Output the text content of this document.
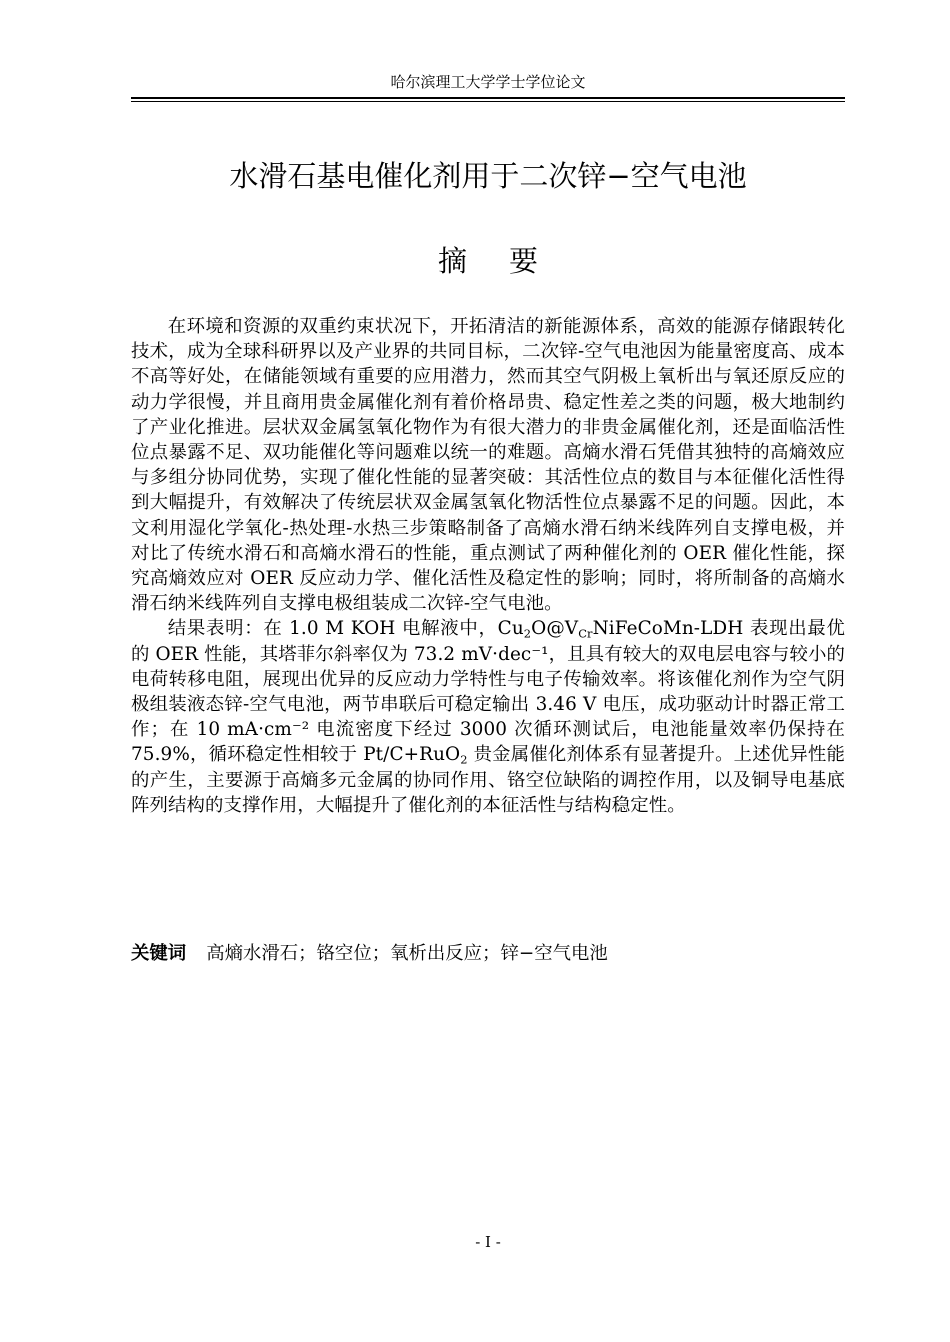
哈尔滨理工大学学士学位论文
水滑石基电催化剂用于二次锌−空气电池
摘 要

在环境和资源的双重约束状况下，开拓清洁的新能源体系，高效的能源存储跟转化技术，成为全球科研界以及产业界的共同目标，二次锌-空气电池因为能量密度高、成本不高等好处，在储能领域有重要的应用潜力，然而其空气阴极上氧析出与氧还原反应的动力学很慢，并且商用贵金属催化剂有着价格昂贵、稳定性差之类的问题，极大地制约了产业化推进。层状双金属氢氧化物作为有很大潜力的非贵金属催化剂，还是面临活性位点暴露不足、双功能催化等问题难以统一的难题。高熵水滑石凭借其独特的高熵效应与多组分协同优势，实现了催化性能的显著突破：其活性位点的数目与本征催化活性得到大幅提升，有效解决了传统层状双金属氢氧化物活性位点暴露不足的问题。因此，本文利用湿化学氧化-热处理-水热三步策略制备了高熵水滑石纳米线阵列自支撑电极，并对比了传统水滑石和高熵水滑石的性能，重点测试了两种催化剂的 OER 催化性能，探究高熵效应对 OER 反应动力学、催化活性及稳定性的影响；同时，将所制备的高熵水滑石纳米线阵列自支撑电极组装成二次锌-空气电池。

结果表明：在 1.0 M KOH 电解液中，$Cu_2O@V_{Cr}NiFeCoMn$-LDH 表现出最优的 OER 性能，其塔菲尔斜率仅为 73.2 mV·dec⁻¹，且具有较大的双电层电容与较小的电荷转移电阻，展现出优异的反应动力学特性与电子传输效率。将该催化剂作为空气阴极组装液态锌-空气电池，两节串联后可稳定输出 3.46 V 电压，成功驱动计时器正常工作；在 10 mA·cm⁻² 电流密度下经过 3000 次循环测试后，电池能量效率仍保持在 75.9%，循环稳定性相较于 Pt/C+RuO$_2$ 贵金属催化剂体系有显著提升。上述优异性能的产生，主要源于高熵多元金属的协同作用、铬空位缺陷的调控作用，以及铜导电基底阵列结构的支撑作用，大幅提升了催化剂的本征活性与结构稳定性。

关键词 高熵水滑石；铬空位；氧析出反应；锌−空气电池
- I -
